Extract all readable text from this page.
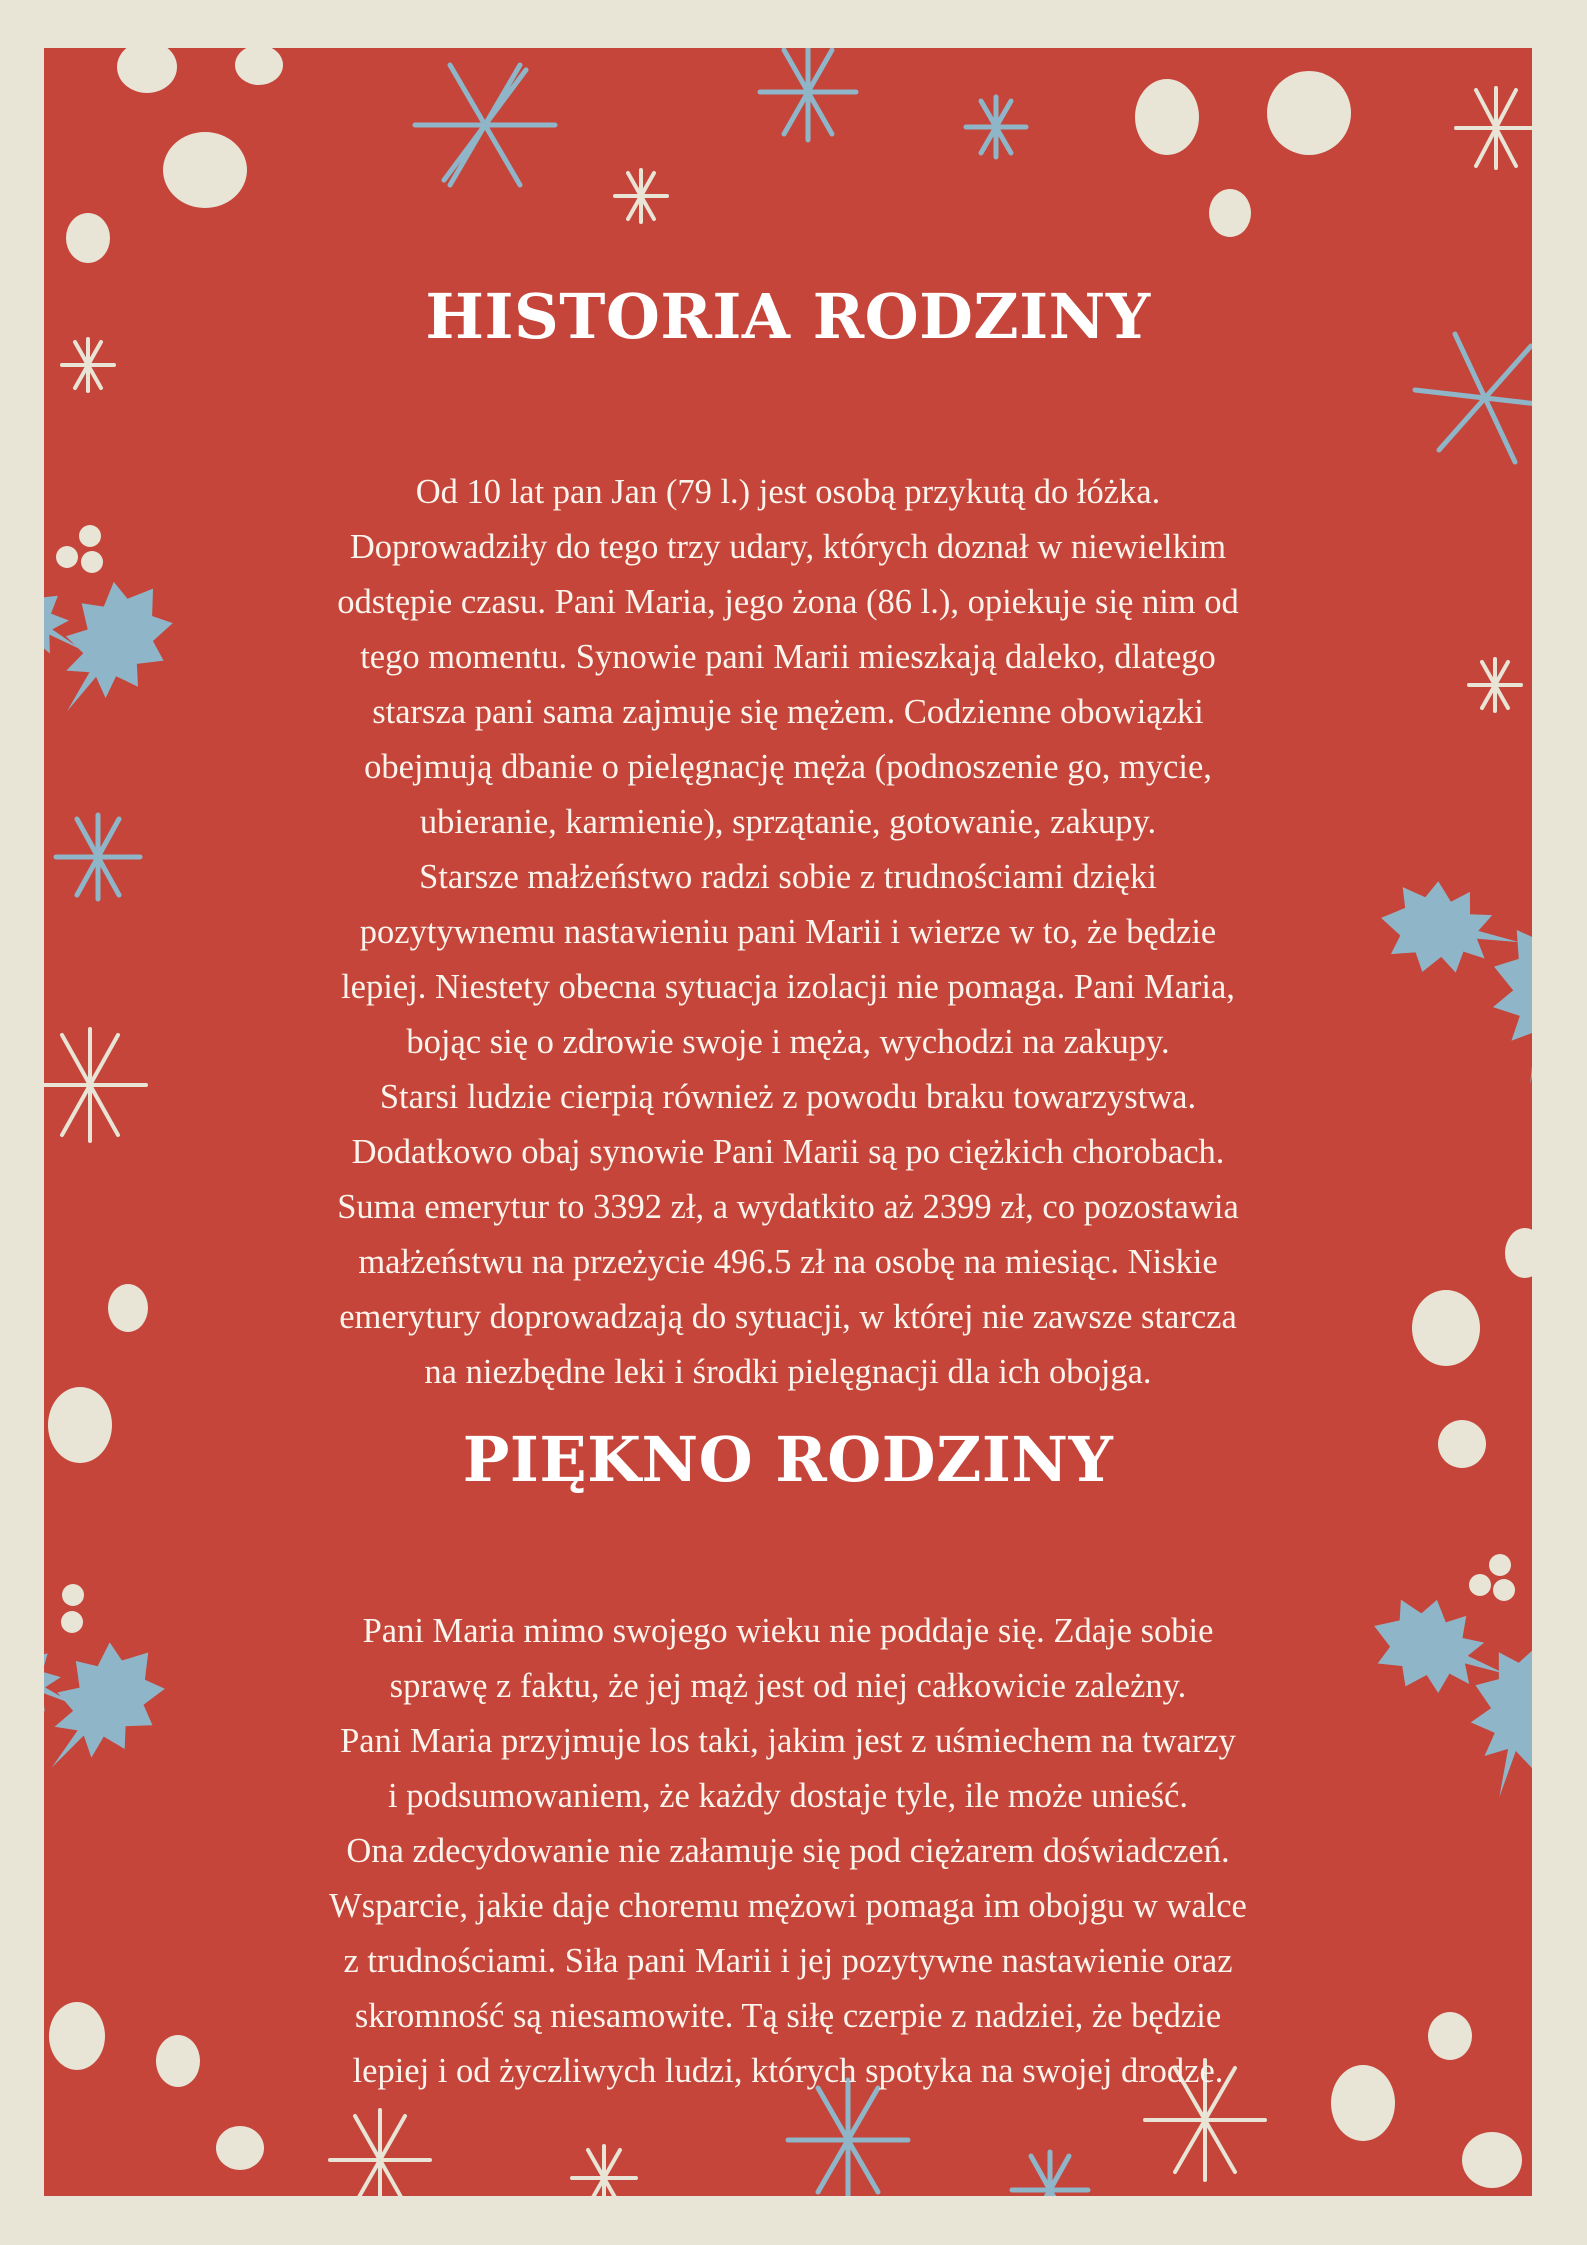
HISTORIA RODZINY

Od 10 lat pan Jan (79 l.) jest osobą przykutą do łóżka.
Doprowadziły do tego trzy udary, których doznał w niewielkim
odstępie czasu. Pani Maria, jego żona (86 l.), opiekuje się nim od
tego momentu. Synowie pani Marii mieszkają daleko, dlatego
starsza pani sama zajmuje się mężem. Codzienne obowiązki
obejmują dbanie o pielęgnację męża (podnoszenie go, mycie,
ubieranie, karmienie), sprzątanie, gotowanie, zakupy.
Starsze małżeństwo radzi sobie z trudnościami dzięki
pozytywnemu nastawieniu pani Marii i wierze w to, że będzie
lepiej. Niestety obecna sytuacja izolacji nie pomaga. Pani Maria,
bojąc się o zdrowie swoje i męża, wychodzi na zakupy.
Starsi ludzie cierpią również z powodu braku towarzystwa.
Dodatkowo obaj synowie Pani Marii są po ciężkich chorobach.
Suma emerytur to 3392 zł, a wydatkito aż 2399 zł, co pozostawia
małżeństwu na przeżycie 496.5 zł na osobę na miesiąc. Niskie
emerytury doprowadzają do sytuacji, w której nie zawsze starcza
na niezbędne leki i środki pielęgnacji dla ich obojga.

PIĘKNO RODZINY

Pani Maria mimo swojego wieku nie poddaje się. Zdaje sobie
sprawę z faktu, że jej mąż jest od niej całkowicie zależny.
Pani Maria przyjmuje los taki, jakim jest z uśmiechem na twarzy
i podsumowaniem, że każdy dostaje tyle, ile może unieść.
Ona zdecydowanie nie załamuje się pod ciężarem doświadczeń.
Wsparcie, jakie daje choremu mężowi pomaga im obojgu w walce
z trudnościami. Siła pani Marii i jej pozytywne nastawienie oraz
skromność są niesamowite. Tą siłę czerpie z nadziei, że będzie
lepiej i od życzliwych ludzi, których spotyka na swojej drodze.
